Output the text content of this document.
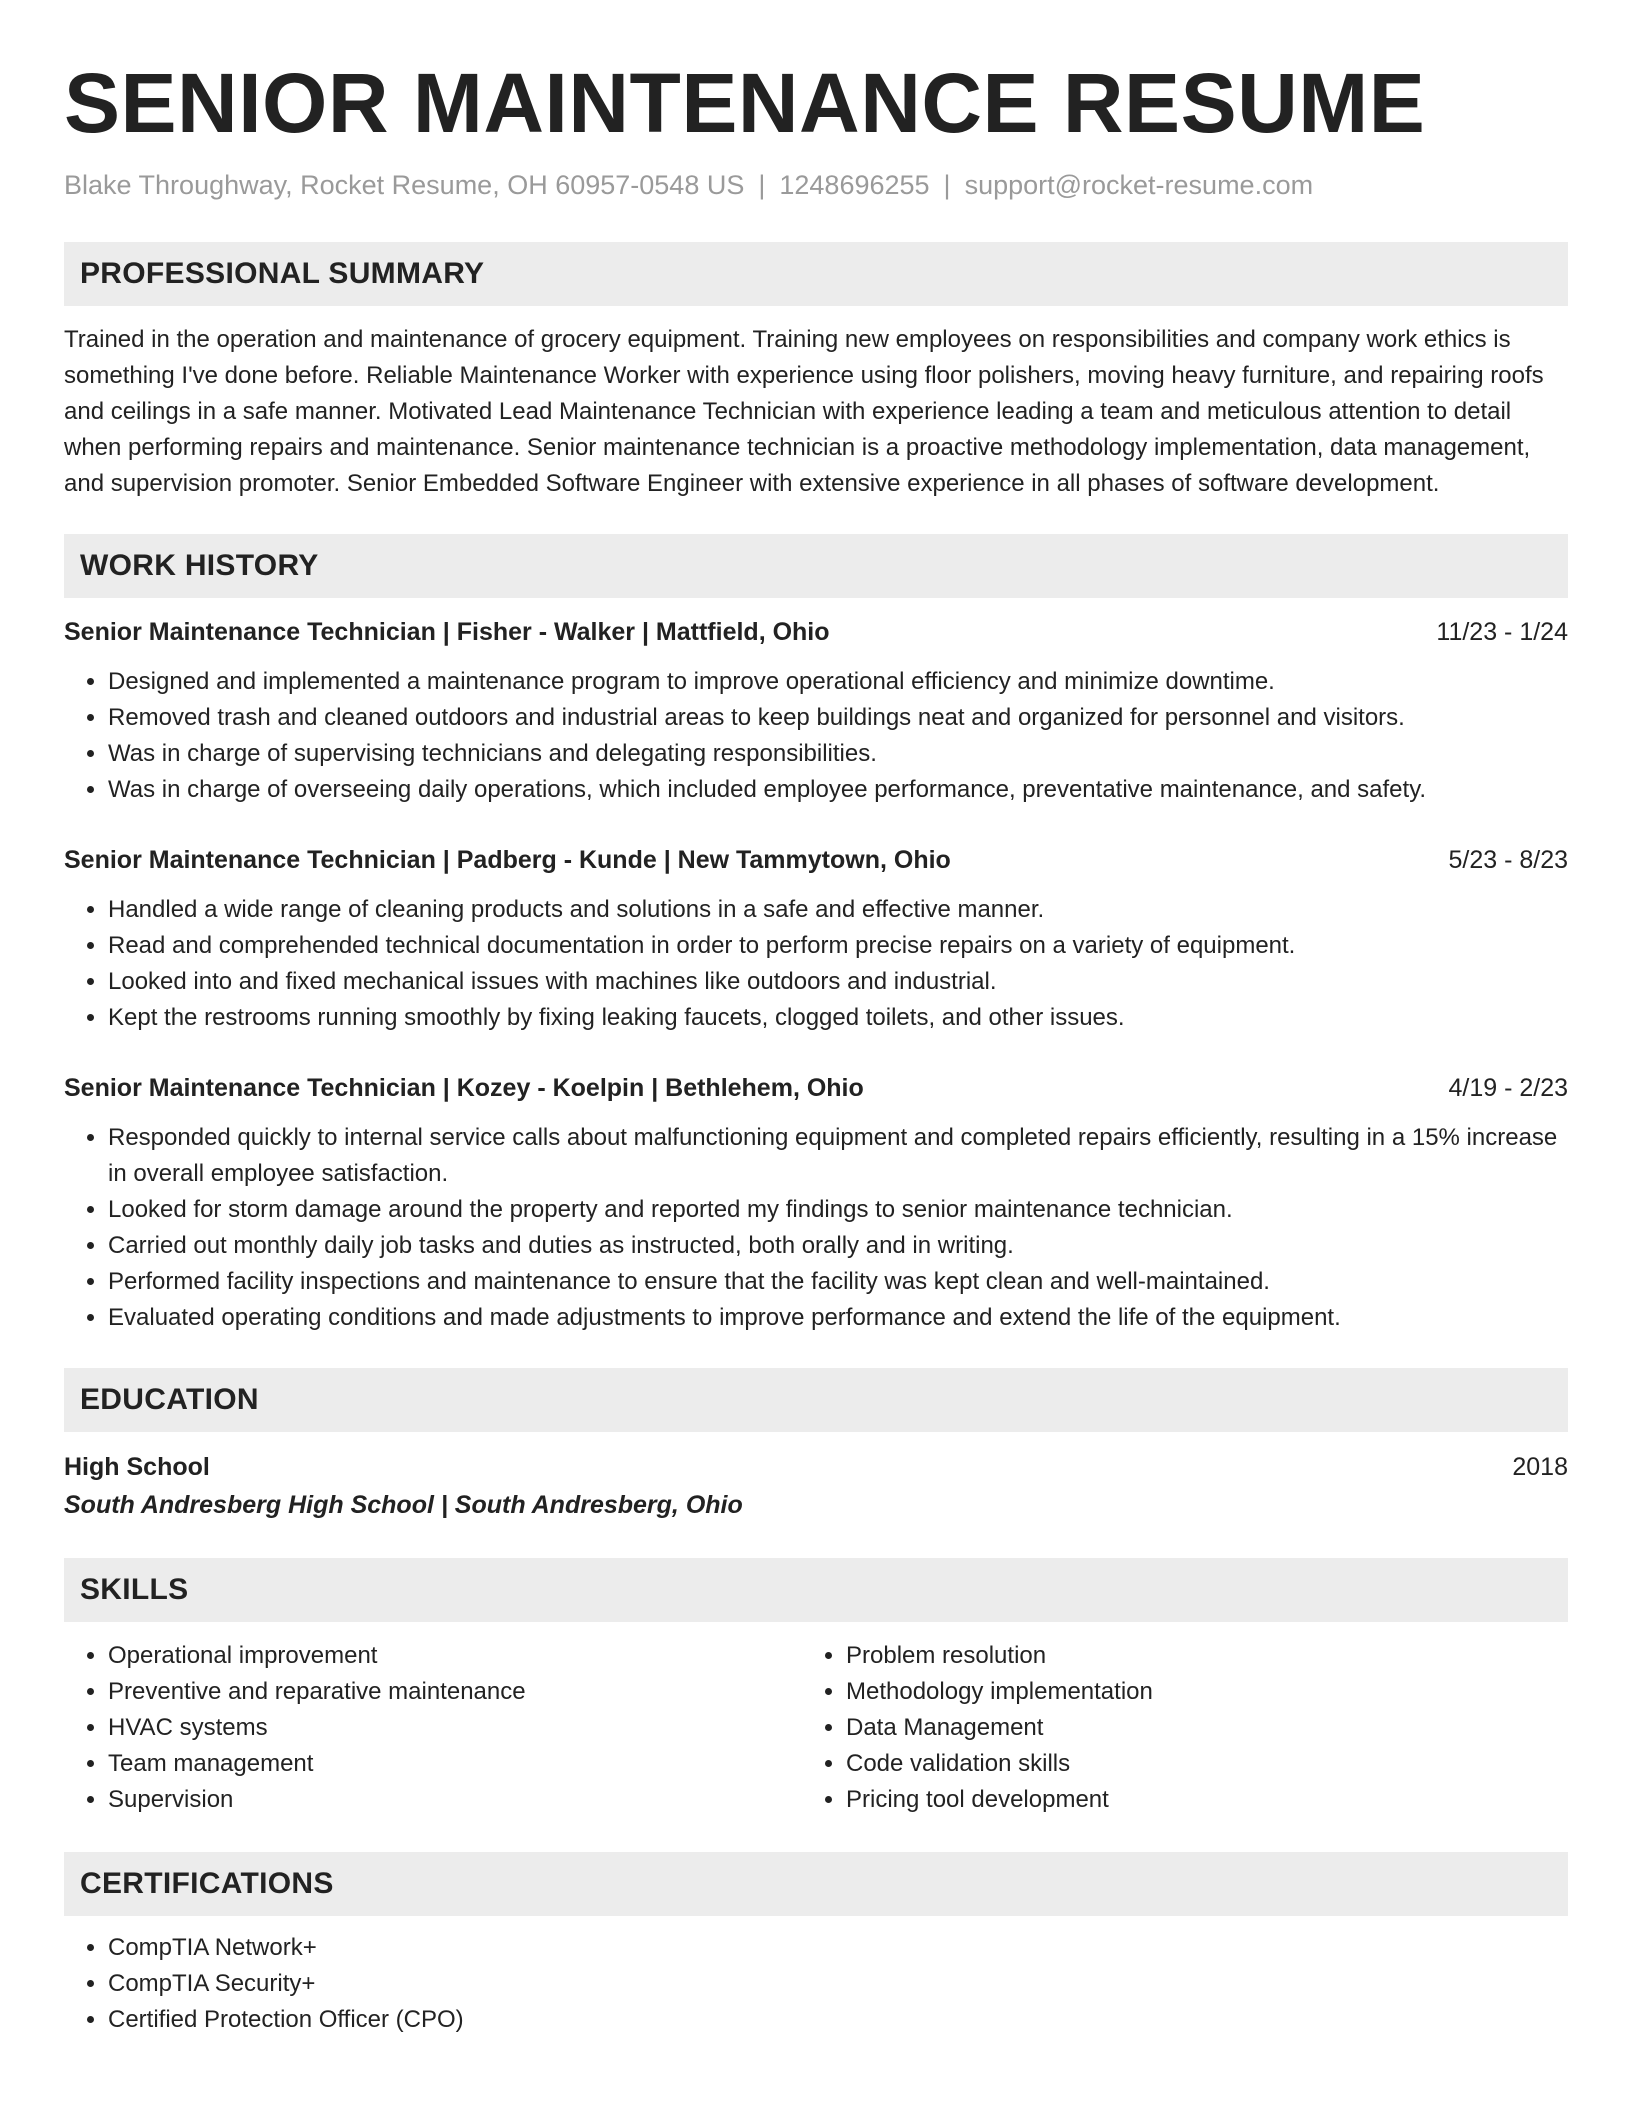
SENIOR MAINTENANCE RESUME
Blake Throughway, Rocket Resume, OH 60957-0548 US | 1248696255 | support@rocket-resume.com
PROFESSIONAL SUMMARY
Trained in the operation and maintenance of grocery equipment. Training new employees on responsibilities and company work ethics is something I've done before. Reliable Maintenance Worker with experience using floor polishers, moving heavy furniture, and repairing roofs and ceilings in a safe manner. Motivated Lead Maintenance Technician with experience leading a team and meticulous attention to detail when performing repairs and maintenance. Senior maintenance technician is a proactive methodology implementation, data management, and supervision promoter. Senior Embedded Software Engineer with extensive experience in all phases of software development.
WORK HISTORY
Senior Maintenance Technician | Fisher - Walker | Mattfield, Ohio	11/23 - 1/24
• Designed and implemented a maintenance program to improve operational efficiency and minimize downtime.
• Removed trash and cleaned outdoors and industrial areas to keep buildings neat and organized for personnel and visitors.
• Was in charge of supervising technicians and delegating responsibilities.
• Was in charge of overseeing daily operations, which included employee performance, preventative maintenance, and safety.
Senior Maintenance Technician | Padberg - Kunde | New Tammytown, Ohio	5/23 - 8/23
• Handled a wide range of cleaning products and solutions in a safe and effective manner.
• Read and comprehended technical documentation in order to perform precise repairs on a variety of equipment.
• Looked into and fixed mechanical issues with machines like outdoors and industrial.
• Kept the restrooms running smoothly by fixing leaking faucets, clogged toilets, and other issues.
Senior Maintenance Technician | Kozey - Koelpin | Bethlehem, Ohio	4/19 - 2/23
• Responded quickly to internal service calls about malfunctioning equipment and completed repairs efficiently, resulting in a 15% increase in overall employee satisfaction.
• Looked for storm damage around the property and reported my findings to senior maintenance technician.
• Carried out monthly daily job tasks and duties as instructed, both orally and in writing.
• Performed facility inspections and maintenance to ensure that the facility was kept clean and well-maintained.
• Evaluated operating conditions and made adjustments to improve performance and extend the life of the equipment.
EDUCATION
High School	2018
South Andresberg High School | South Andresberg, Ohio
SKILLS
• Operational improvement
• Preventive and reparative maintenance
• HVAC systems
• Team management
• Supervision
• Problem resolution
• Methodology implementation
• Data Management
• Code validation skills
• Pricing tool development
CERTIFICATIONS
• CompTIA Network+
• CompTIA Security+
• Certified Protection Officer (CPO)
